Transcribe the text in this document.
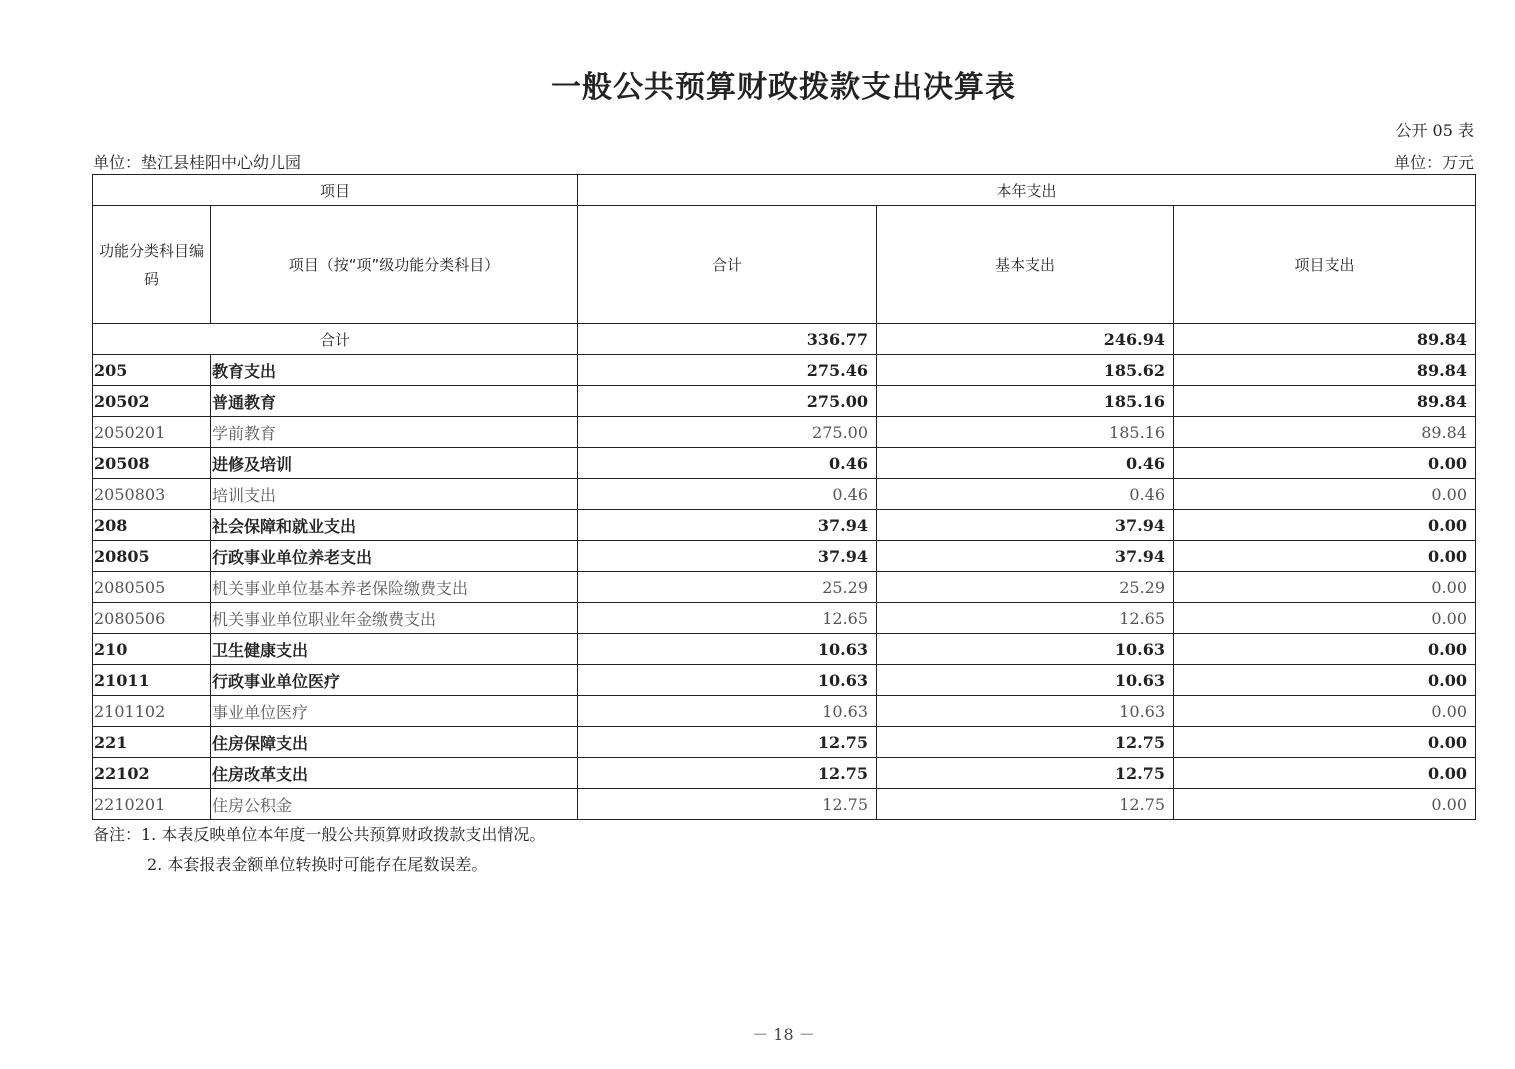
一般公共预算财政拨款支出决算表
公开 05 表
单位：垫江县桂阳中心幼儿园	单位：万元
项目		本年支出		
功能分类科目编码	项目（按“项”级功能分类科目）	合计	基本支出	项目支出
合计		336.77	246.94	89.84
205	教育支出	275.46	185.62	89.84
20502	普通教育	275.00	185.16	89.84
2050201	学前教育	275.00	185.16	89.84
20508	进修及培训	0.46	0.46	0.00
2050803	培训支出	0.46	0.46	0.00
208	社会保障和就业支出	37.94	37.94	0.00
20805	行政事业单位养老支出	37.94	37.94	0.00
2080505	机关事业单位基本养老保险缴费支出	25.29	25.29	0.00
2080506	机关事业单位职业年金缴费支出	12.65	12.65	0.00
210	卫生健康支出	10.63	10.63	0.00
21011	行政事业单位医疗	10.63	10.63	0.00
2101102	事业单位医疗	10.63	10.63	0.00
221	住房保障支出	12.75	12.75	0.00
22102	住房改革支出	12.75	12.75	0.00
2210201	住房公积金	12.75	12.75	0.00
备注：1. 本表反映单位本年度一般公共预算财政拨款支出情况。
2. 本套报表金额单位转换时可能存在尾数误差。
－ 18 －
